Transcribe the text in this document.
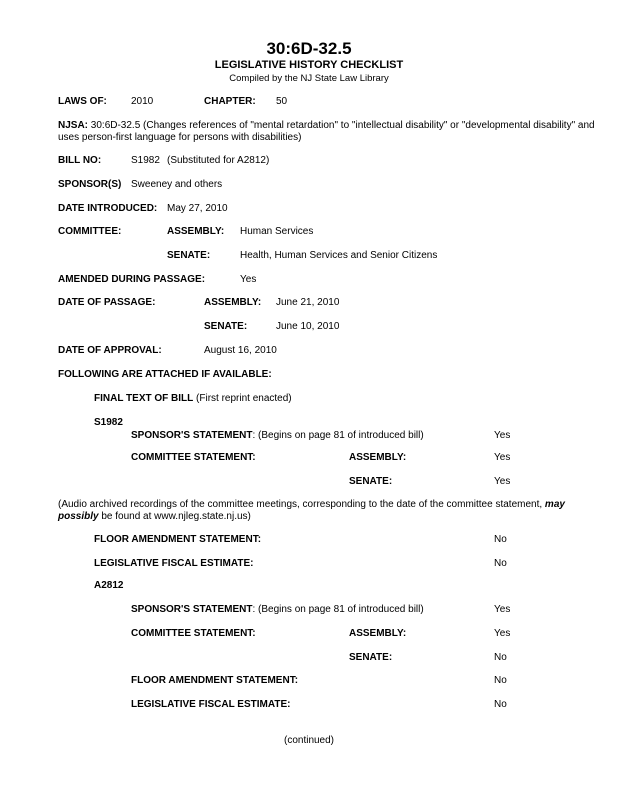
30:6D-32.5
LEGISLATIVE HISTORY CHECKLIST
Compiled by the NJ State Law Library
LAWS OF: 2010	CHAPTER: 50
NJSA: 30:6D-32.5 (Changes references of "mental retardation" to "intellectual disability" or "developmental disability" and uses person-first language for persons with disabilities)
BILL NO:	S1982 (Substituted for A2812)
SPONSOR(S) Sweeney and others
DATE INTRODUCED: May 27, 2010
COMMITTEE:	ASSEMBLY: Human Services
SENATE:	Health, Human Services and Senior Citizens
AMENDED DURING PASSAGE:	Yes
DATE OF PASSAGE:	ASSEMBLY: June 21, 2010
SENATE:	June 10, 2010
DATE OF APPROVAL:	August 16, 2010
FOLLOWING ARE ATTACHED IF AVAILABLE:
FINAL TEXT OF BILL (First reprint enacted)
S1982
SPONSOR'S STATEMENT: (Begins on page 81 of introduced bill)	Yes
COMMITTEE STATEMENT:	ASSEMBLY:	Yes
SENATE:	Yes
(Audio archived recordings of the committee meetings, corresponding to the date of the committee statement, may possibly be found at www.njleg.state.nj.us)
FLOOR AMENDMENT STATEMENT:	No
LEGISLATIVE FISCAL ESTIMATE:	No
A2812
SPONSOR'S STATEMENT: (Begins on page 81 of introduced bill)	Yes
COMMITTEE STATEMENT:	ASSEMBLY:	Yes
SENATE:	No
FLOOR AMENDMENT STATEMENT:	No
LEGISLATIVE FISCAL ESTIMATE:	No
(continued)
